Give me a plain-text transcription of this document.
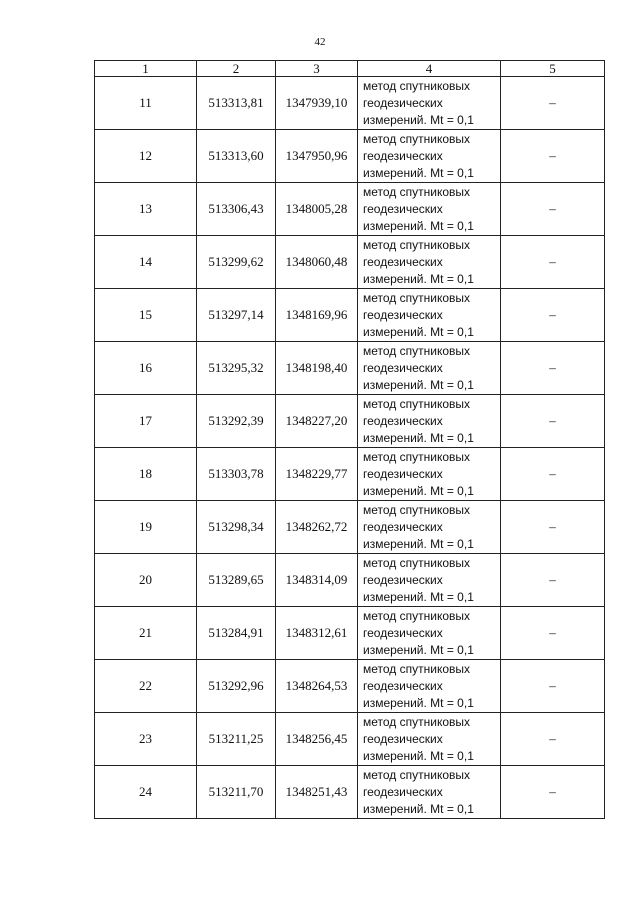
42
1	2	3	4	5
11	513313,81	1347939,10	метод спутниковых
геодезических
измерений. Mt = 0,1	–
12	513313,60	1347950,96	метод спутниковых
геодезических
измерений. Mt = 0,1	–
13	513306,43	1348005,28	метод спутниковых
геодезических
измерений. Mt = 0,1	–
14	513299,62	1348060,48	метод спутниковых
геодезических
измерений. Mt = 0,1	–
15	513297,14	1348169,96	метод спутниковых
геодезических
измерений. Mt = 0,1	–
16	513295,32	1348198,40	метод спутниковых
геодезических
измерений. Mt = 0,1	–
17	513292,39	1348227,20	метод спутниковых
геодезических
измерений. Mt = 0,1	–
18	513303,78	1348229,77	метод спутниковых
геодезических
измерений. Mt = 0,1	–
19	513298,34	1348262,72	метод спутниковых
геодезических
измерений. Mt = 0,1	–
20	513289,65	1348314,09	метод спутниковых
геодезических
измерений. Mt = 0,1	–
21	513284,91	1348312,61	метод спутниковых
геодезических
измерений. Mt = 0,1	–
22	513292,96	1348264,53	метод спутниковых
геодезических
измерений. Mt = 0,1	–
23	513211,25	1348256,45	метод спутниковых
геодезических
измерений. Mt = 0,1	–
24	513211,70	1348251,43	метод спутниковых
геодезических
измерений. Mt = 0,1	–
